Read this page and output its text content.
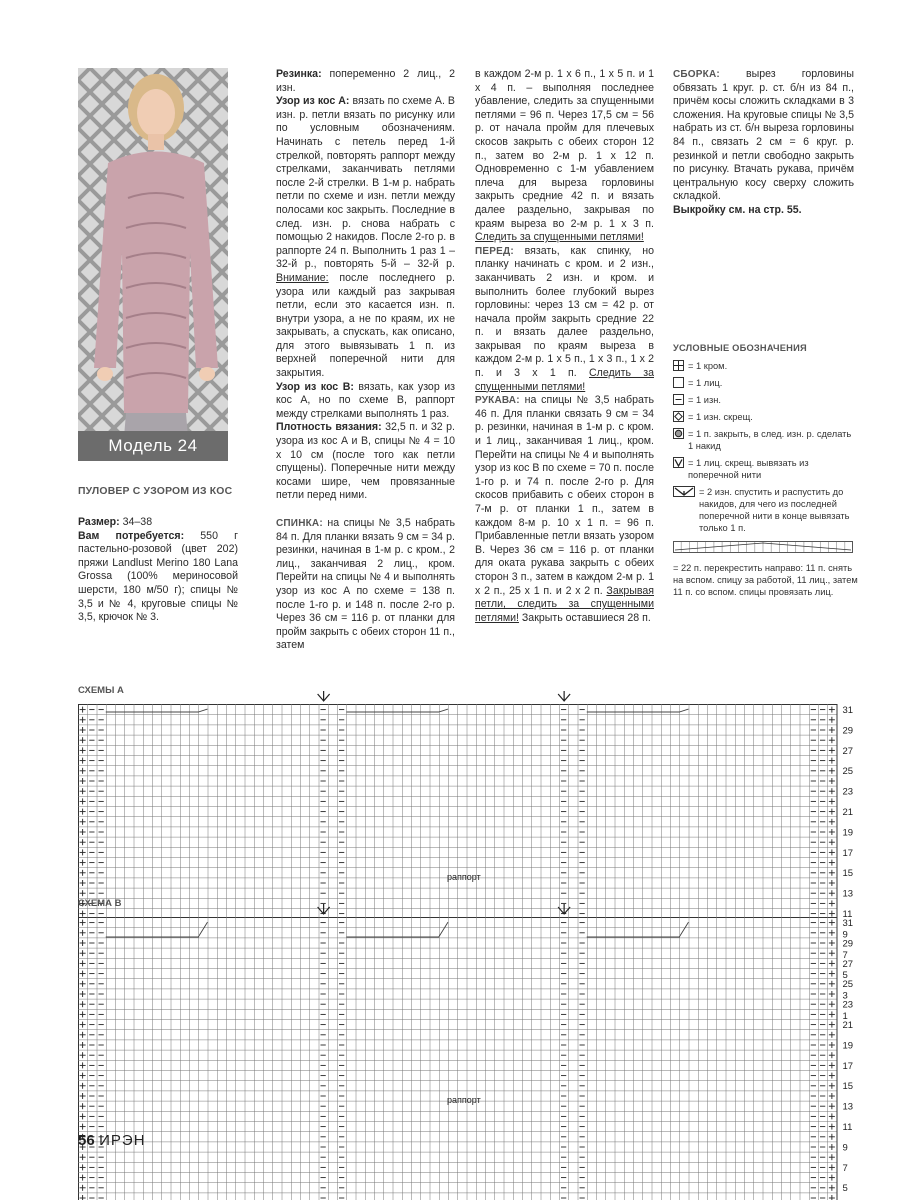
Модель 24
ПУЛОВЕР С УЗОРОМ ИЗ КОС

Размер: 34–38

Вам потребуется: 550 г пастельно-розовой (цвет 202) пряжи Landlust Merino 180 Lana Grossa (100% мериносовой шерсти, 180 м/50 г); спицы № 3,5 и № 4, круговые спицы № 3,5, крючок № 3.

Резинка: попеременно 2 лиц., 2 изн.

Узор из кос А: вязать по схеме А. В изн. р. петли вязать по рисунку или по условным обозначениям. Начинать с петель перед 1-й стрелкой, повторять раппорт между стрелками, заканчивать петлями после 2-й стрелки. В 1-м р. набрать петли по схеме и изн. петли между полосами кос закрыть. Последние в след. изн. р. снова набрать с помощью 2 накидов. После 2-го р. в раппорте 24 п. Выполнить 1 раз 1 – 32-й р., повторять 5-й – 32-й р. Внимание: после последнего р. узора или каждый раз закрывая петли, если это касается изн. п. внутри узора, а не по краям, их не закрывать, а спускать, как описано, для этого вывязывать 1 п. из верхней поперечной нити для закрытия.

Узор из кос В: вязать, как узор из кос А, но по схеме В, раппорт между стрелками выполнять 1 раз.

Плотность вязания: 32,5 п. и 32 р. узора из кос А и В, спицы № 4 = 10 х 10 см (после того как петли спущены). Поперечные нити между косами шире, чем провязанные петли перед ними.

СПИНКА: на спицы № 3,5 набрать 84 п. Для планки вязать 9 см = 34 р. резинки, начиная в 1-м р. с кром., 2 лиц., заканчивая 2 лиц., кром. Перейти на спицы № 4 и выполнять узор из кос А по схеме = 138 п. после 1-го р. и 148 п. после 2-го р. Через 36 см = 116 р. от планки для пройм закрыть с обеих сторон 11 п., затем

в каждом 2-м р. 1 х 6 п., 1 х 5 п. и 1 х 4 п. – выполняя последнее убавление, следить за спущенными петлями = 96 п. Через 17,5 см = 56 р. от начала пройм для плечевых скосов закрыть с обеих сторон 12 п., затем во 2-м р. 1 х 12 п. Одновременно с 1-м убавлением плеча для выреза горловины закрыть средние 42 п. и вязать далее раздельно, закрывая по краям выреза во 2-м р. 1 х 3 п. Следить за спущенными петлями!

ПЕРЕД: вязать, как спинку, но планку начинать с кром. и 2 изн., заканчивать 2 изн. и кром. и выполнить более глубокий вырез горловины: через 13 см = 42 р. от начала пройм закрыть средние 22 п. и вязать далее раздельно, закрывая по краям выреза в каждом 2-м р. 1 х 5 п., 1 х 3 п., 1 х 2 п. и 3 х 1 п. Следить за спущенными петлями!

РУКАВА: на спицы № 3,5 набрать 46 п. Для планки связать 9 см = 34 р. резинки, начиная в 1-м р. с кром. и 1 лиц., заканчивая 1 лиц., кром. Перейти на спицы № 4 и выполнять узор из кос В по схеме = 70 п. после 1-го р. и 74 п. после 2-го р. Для скосов прибавить с обеих сторон в 7-м р. от планки 1 п., затем в каждом 8-м р. 10 х 1 п. = 96 п. Прибавленные петли вязать узором В. Через 36 см = 116 р. от планки для оката рукава закрыть с обеих сторон 3 п., затем в каждом 2-м р. 1 х 2 п., 25 х 1 п. и 2 х 2 п. Закрывая петли, следить за спущенными петлями! Закрыть оставшиеся 28 п.

СБОРКА: вырез горловины обвязать 1 круг. р. ст. б/н из 84 п., причём косы сложить складками в 3 сложения. На круговые спицы № 3,5 набрать из ст. б/н выреза горловины 84 п., связать 2 см = 6 круг. р. резинкой и петли свободно закрыть по рисунку. Втачать рукава, причём центральную косу сверху сложить складкой.

Выкройку см. на стр. 55.

УСЛОВНЫЕ ОБОЗНАЧЕНИЯ
= 1 кром.
= 1 лиц.
= 1 изн.
= 1 изн. скрещ.
= 1 п. закрыть, в след. изн. р. сделать 1 накид
= 1 лиц. скрещ. вывязать из поперечной нити
= 2 изн. спустить и распустить до накидов, для чего из последней поперечной нити в конце вывязать только 1 п.
= 22 п. перекрестить направо: 11 п. снять на вспом. спицу за работой, 11 лиц., затем 11 п. со вспом. спицы провязать лиц.
СХЕМЫ А
31
29
27
25
23
21
19
17
15
13
11
9
7
5
3
1
раппорт
СХЕМА В
31
29
27
25
23
21
19
17
15
13
11
9
7
5
раппорт
56 ИРЭН
